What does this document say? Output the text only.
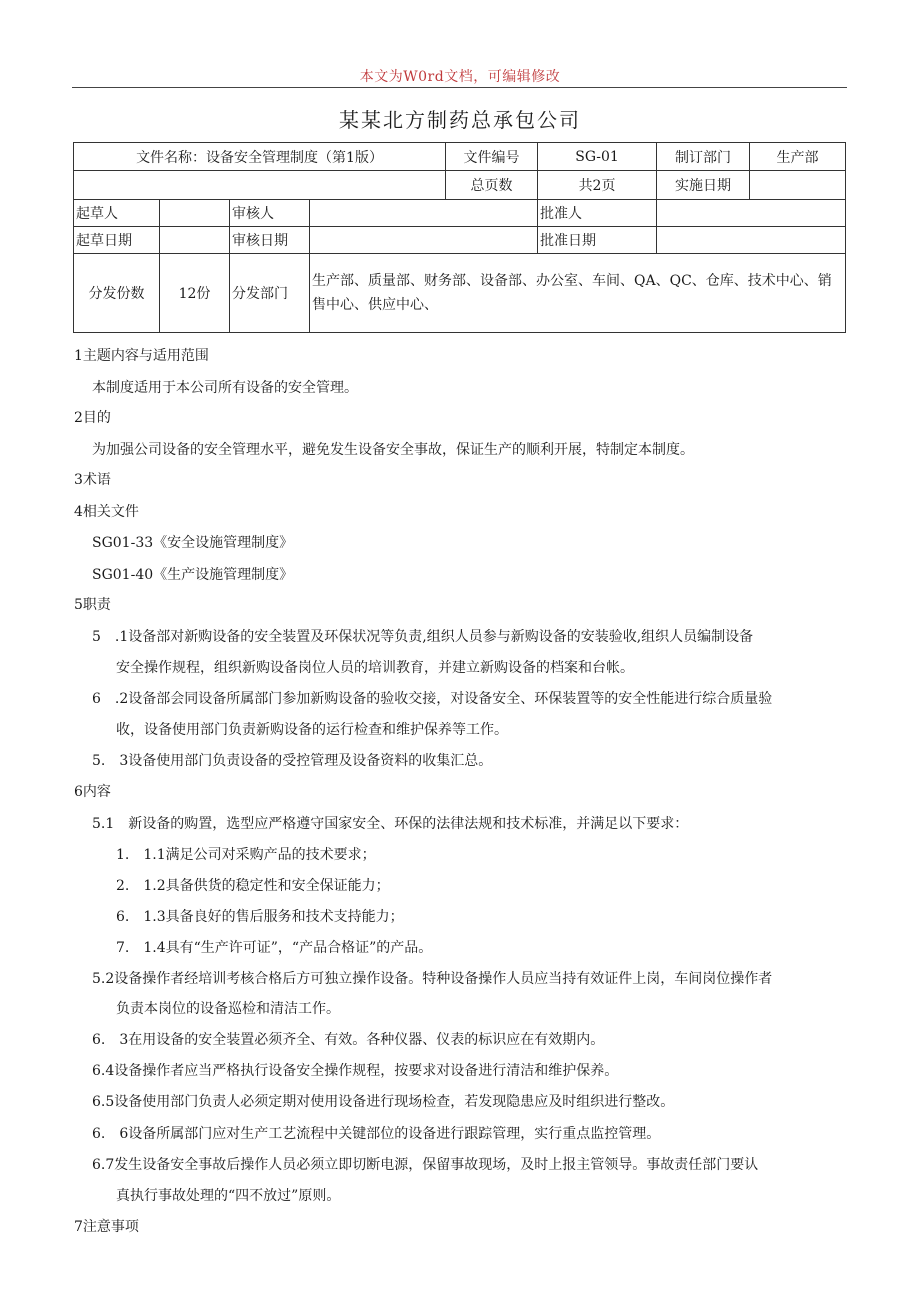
本文为W0rd文档，可编辑修改
某某北方制药总承包公司
文件名称：设备安全管理制度（第1版）				文件编号	SG-01	制订部门	生产部
				总页数	共2页	实施日期	
起草人		审核人			批准人		
起草日期		审核日期			批准日期		
分发份数	12份	分发部门	生产部、质量部、财务部、设备部、办公室、车间、QA、QC、仓库、技术中心、销售中心、供应中心、				
1主题内容与适用范围
本制度适用于本公司所有设备的安全管理。
2目的
为加强公司设备的安全管理水平，避免发生设备安全事故，保证生产的顺利开展，特制定本制度。
3术语
4相关文件
SG01-33《安全设施管理制度》
SG01-40《生产设施管理制度》
5职责
5　.1设备部对新购设备的安全装置及环保状况等负责,组织人员参与新购设备的安装验收,组织人员编制设备
安全操作规程，组织新购设备岗位人员的培训教育，并建立新购设备的档案和台帐。
6　.2设备部会同设备所属部门参加新购设备的验收交接，对设备安全、环保装置等的安全性能进行综合质量验
收，设备使用部门负责新购设备的运行检查和维护保养等工作。
5.　3设备使用部门负责设备的受控管理及设备资料的收集汇总。
6内容
5.1　新设备的购置，选型应严格遵守国家安全、环保的法律法规和技术标准，并满足以下要求：
1.　1.1满足公司对采购产品的技术要求；
2.　1.2具备供货的稳定性和安全保证能力；
6.　1.3具备良好的售后服务和技术支持能力；
7.　1.4具有“生产许可证”，“产品合格证”的产品。
5.2设备操作者经培训考核合格后方可独立操作设备。特种设备操作人员应当持有效证件上岗，车间岗位操作者
负责本岗位的设备巡检和清洁工作。
6.　3在用设备的安全装置必须齐全、有效。各种仪器、仪表的标识应在有效期内。
6.4设备操作者应当严格执行设备安全操作规程，按要求对设备进行清洁和维护保养。
6.5设备使用部门负责人必须定期对使用设备进行现场检查，若发现隐患应及时组织进行整改。
6.　6设备所属部门应对生产工艺流程中关键部位的设备进行跟踪管理，实行重点监控管理。
6.7发生设备安全事故后操作人员必须立即切断电源，保留事故现场，及时上报主管领导。事故责任部门要认
真执行事故处理的“四不放过”原则。
7注意事项
